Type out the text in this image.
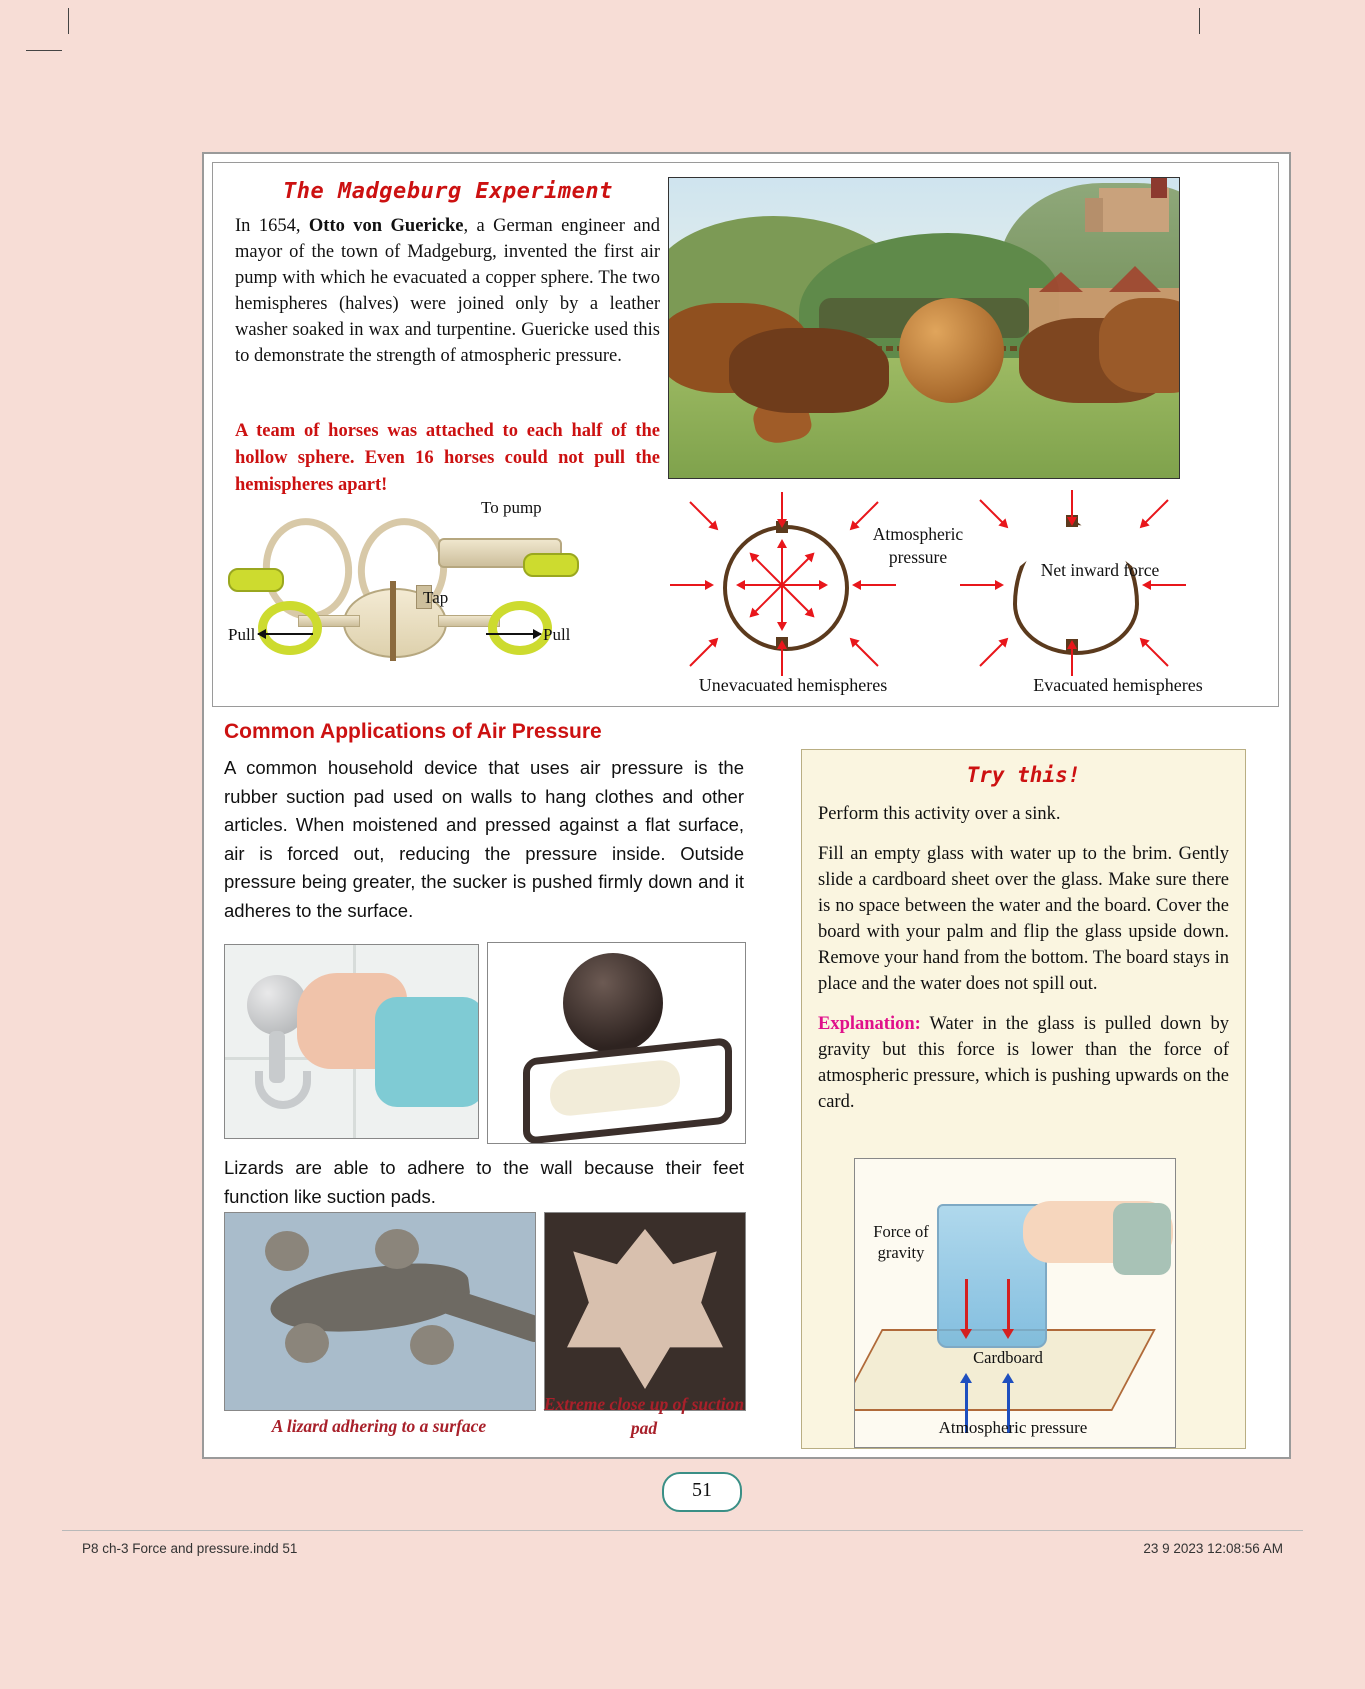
The Madgeburg Experiment
In 1654, Otto von Guericke, a German engineer and mayor of the town of Madgeburg, invented the first air pump with which he evacuated a copper sphere. The two hemispheres (halves) were joined only by a leather washer soaked in wax and turpentine. Guericke used this to demonstrate the strength of atmospheric pressure.
A team of horses was attached to each half of the hollow sphere. Even 16 horses could not pull the hemispheres apart!
To pump
Tap
Pull	Pull
Atmospheric pressure
Net inward force
Unevacuated hemispheres	Evacuated hemispheres
Common Applications of Air Pressure
A common household device that uses air pressure is the rubber suction pad used on walls to hang clothes and other articles. When moistened and pressed against a flat surface, air is forced out, reducing the pressure inside. Outside pressure being greater, the sucker is pushed firmly down and it adheres to the surface.
Lizards are able to adhere to the wall because their feet function like suction pads.
A lizard adhering to a surface
Extreme close up of suction pad
Try this!
Perform this activity over a sink.
Fill an empty glass with water up to the brim. Gently slide a cardboard sheet over the glass. Make sure there is no space between the water and the board. Cover the board with your palm and flip the glass upside down. Remove your hand from the bottom. The board stays in place and the water does not spill out.
Explanation: Water in the glass is pulled down by gravity but this force is lower than the force of atmospheric pressure, which is pushing upwards on the card.
Force of gravity
Cardboard
Atmospheric pressure
51
P8 ch-3 Force and pressure.indd 51	23 9 2023 12:08:56 AM
